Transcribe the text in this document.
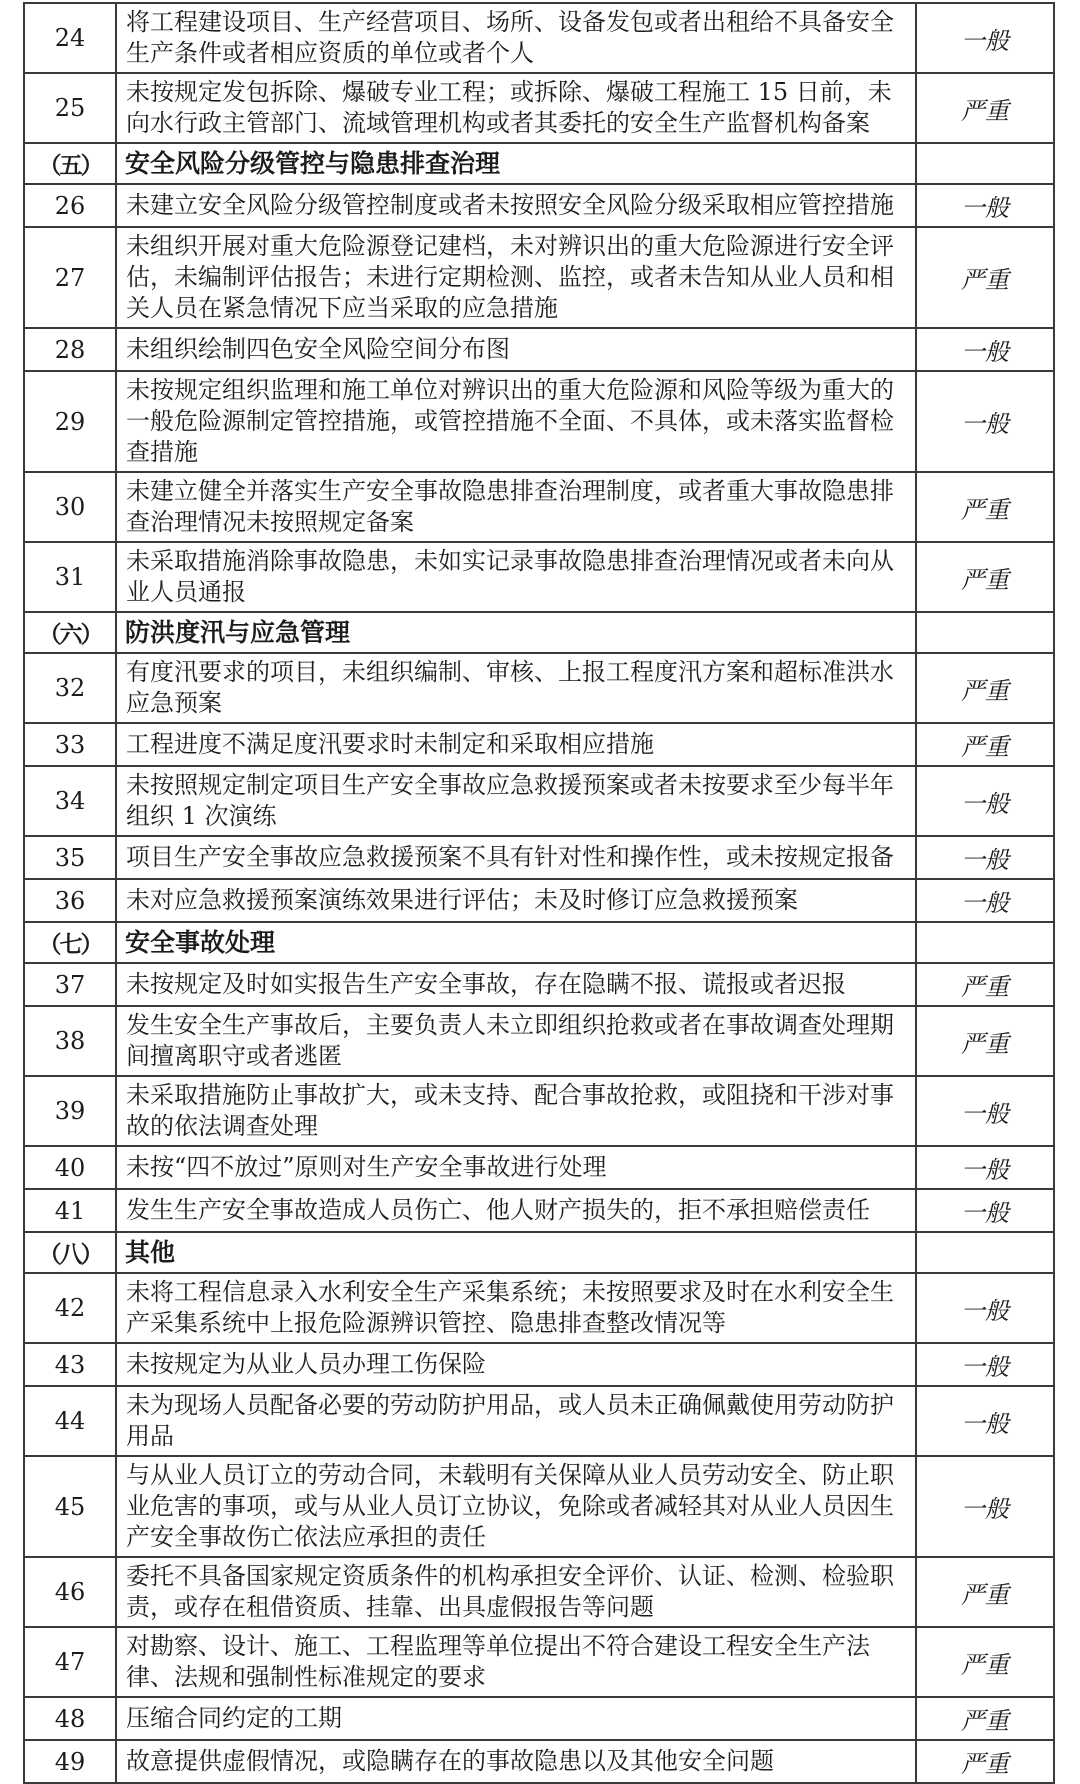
24	将工程建设项目、生产经营项目、场所、设备发包或者出租给不具备安全生产条件或者相应资质的单位或者个人	一般
25	未按规定发包拆除、爆破专业工程；或拆除、爆破工程施工 15 日前，未向水行政主管部门、流域管理机构或者其委托的安全生产监督机构备案	严重
（五）	安全风险分级管控与隐患排查治理	
26	未建立安全风险分级管控制度或者未按照安全风险分级采取相应管控措施	一般
27	未组织开展对重大危险源登记建档，未对辨识出的重大危险源进行安全评估，未编制评估报告；未进行定期检测、监控，或者未告知从业人员和相关人员在紧急情况下应当采取的应急措施	严重
28	未组织绘制四色安全风险空间分布图	一般
29	未按规定组织监理和施工单位对辨识出的重大危险源和风险等级为重大的一般危险源制定管控措施，或管控措施不全面、不具体，或未落实监督检查措施	一般
30	未建立健全并落实生产安全事故隐患排查治理制度，或者重大事故隐患排查治理情况未按照规定备案	严重
31	未采取措施消除事故隐患，未如实记录事故隐患排查治理情况或者未向从业人员通报	严重
（六）	防洪度汛与应急管理	
32	有度汛要求的项目，未组织编制、审核、上报工程度汛方案和超标准洪水应急预案	严重
33	工程进度不满足度汛要求时未制定和采取相应措施	严重
34	未按照规定制定项目生产安全事故应急救援预案或者未按要求至少每半年组织 1 次演练	一般
35	项目生产安全事故应急救援预案不具有针对性和操作性，或未按规定报备	一般
36	未对应急救援预案演练效果进行评估；未及时修订应急救援预案	一般
（七）	安全事故处理	
37	未按规定及时如实报告生产安全事故，存在隐瞒不报、谎报或者迟报	严重
38	发生安全生产事故后，主要负责人未立即组织抢救或者在事故调查处理期间擅离职守或者逃匿	严重
39	未采取措施防止事故扩大，或未支持、配合事故抢救，或阻挠和干涉对事故的依法调查处理	一般
40	未按“四不放过”原则对生产安全事故进行处理	一般
41	发生生产安全事故造成人员伤亡、他人财产损失的，拒不承担赔偿责任	一般
（八）	其他	
42	未将工程信息录入水利安全生产采集系统；未按照要求及时在水利安全生产采集系统中上报危险源辨识管控、隐患排查整改情况等	一般
43	未按规定为从业人员办理工伤保险	一般
44	未为现场人员配备必要的劳动防护用品，或人员未正确佩戴使用劳动防护用品	一般
45	与从业人员订立的劳动合同，未载明有关保障从业人员劳动安全、防止职业危害的事项，或与从业人员订立协议，免除或者减轻其对从业人员因生产安全事故伤亡依法应承担的责任	一般
46	委托不具备国家规定资质条件的机构承担安全评价、认证、检测、检验职责，或存在租借资质、挂靠、出具虚假报告等问题	严重
47	对勘察、设计、施工、工程监理等单位提出不符合建设工程安全生产法律、法规和强制性标准规定的要求	严重
48	压缩合同约定的工期	严重
49	故意提供虚假情况，或隐瞒存在的事故隐患以及其他安全问题	严重
